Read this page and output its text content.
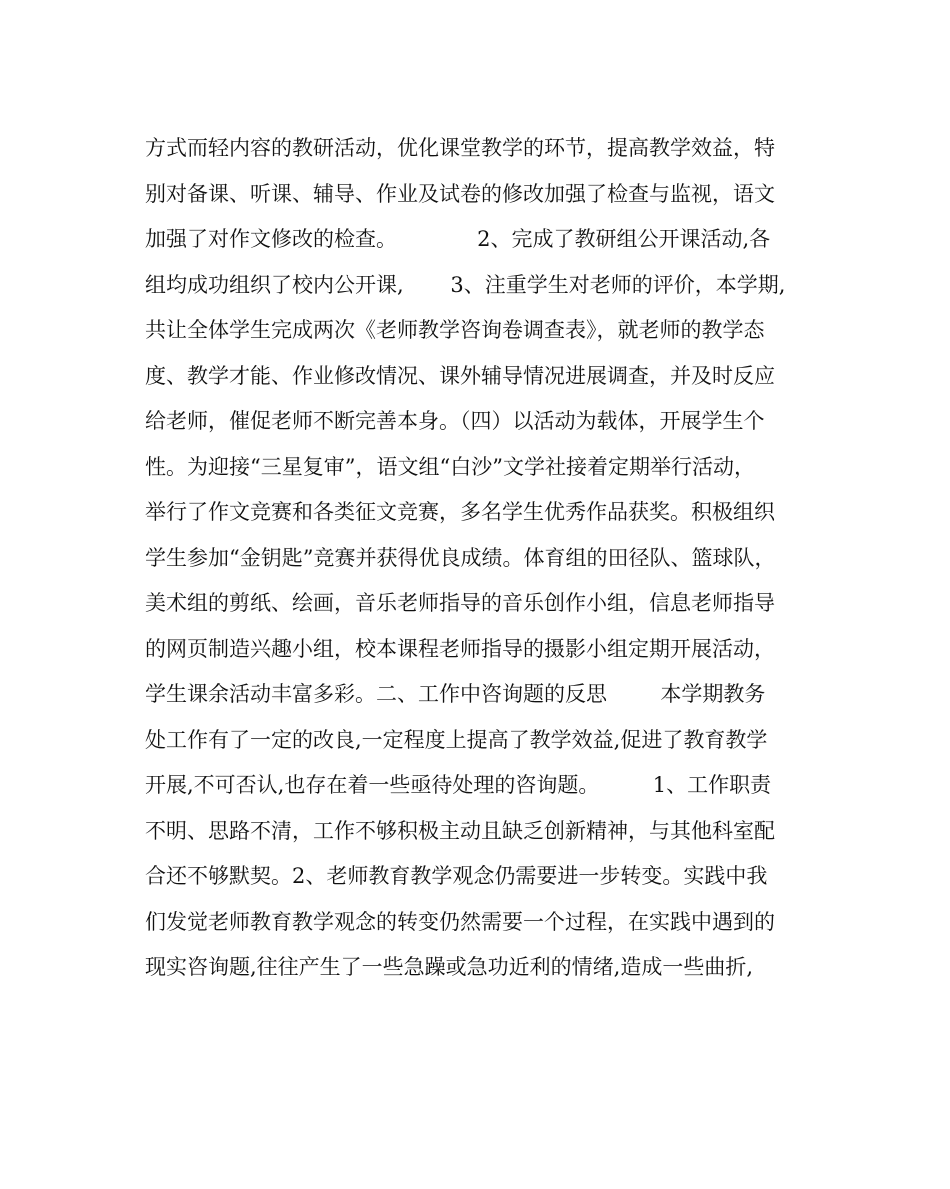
方式而轻内容的教研活动，优化课堂教学的环节，提高教学效益，特
别对备课、听课、辅导、作业及试卷的修改加强了检查与监视，语文
加强了对作文修改的检查。            2、完成了教研组公开课活动,各
组均成功组织了校内公开课,       3、注重学生对老师的评价，本学期,
共让全体学生完成两次《老师教学咨询卷调查表》，就老师的教学态
度、教学才能、作业修改情况、课外辅导情况进展调查，并及时反应
给老师，催促老师不断完善本身。（四）以活动为载体，开展学生个
性。为迎接“三星复审”，语文组“白沙”文学社接着定期举行活动，
举行了作文竞赛和各类征文竞赛，多名学生优秀作品获奖。积极组织
学生参加“金钥匙”竞赛并获得优良成绩。体育组的田径队、篮球队，
美术组的剪纸、绘画，音乐老师指导的音乐创作小组，信息老师指导
的网页制造兴趣小组，校本课程老师指导的摄影小组定期开展活动，
学生课余活动丰富多彩。二、工作中咨询题的反思        本学期教务
处工作有了一定的改良,一定程度上提高了教学效益,促进了教育教学
开展,不可否认,也存在着一些亟待处理的咨询题。        1、工作职责
不明、思路不清，工作不够积极主动且缺乏创新精神，与其他科室配
合还不够默契。2、老师教育教学观念仍需要进一步转变。实践中我
们发觉老师教育教学观念的转变仍然需要一个过程，在实践中遇到的
现实咨询题,往往产生了一些急躁或急功近利的情绪,造成一些曲折,
